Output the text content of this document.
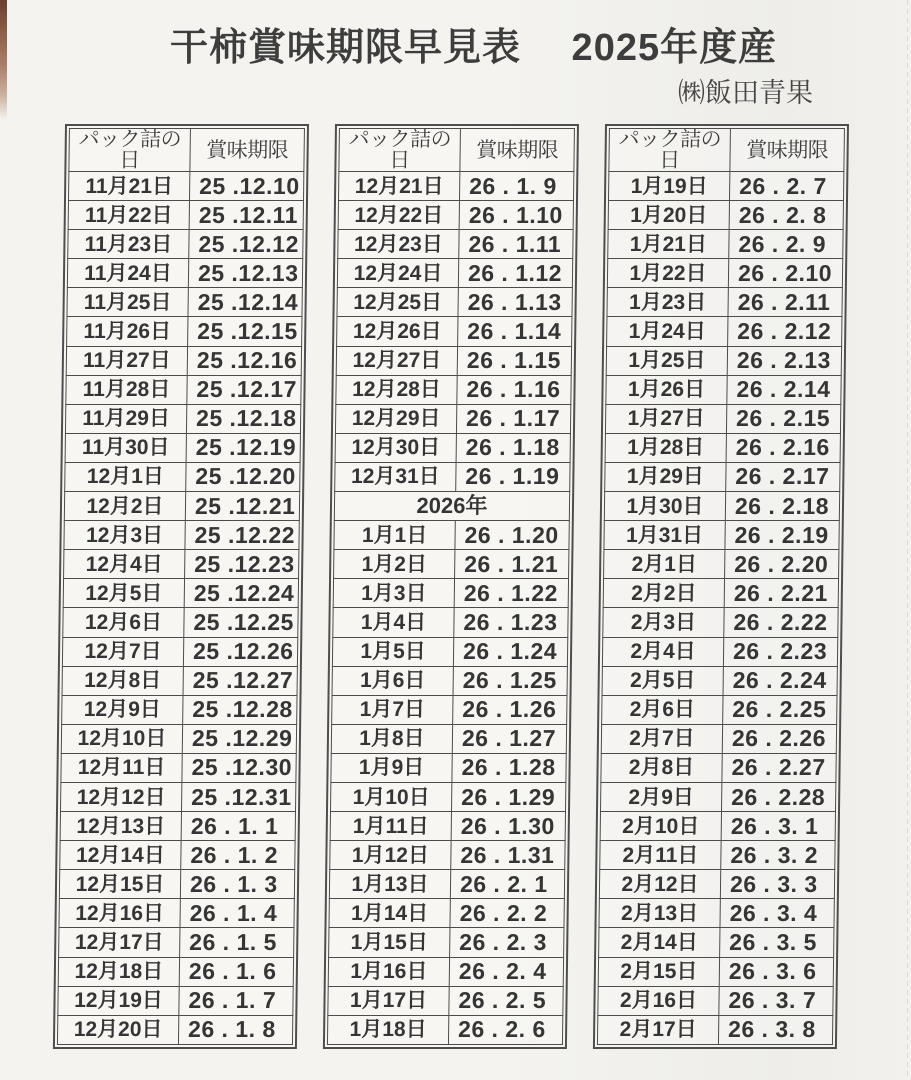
干柿賞味期限早見表　 2025年度産
㈱飯田青果
パック詰の日	賞味期限
11月21日	25 .12.10
11月22日	25 .12.11
11月23日	25 .12.12
11月24日	25 .12.13
11月25日	25 .12.14
11月26日	25 .12.15
11月27日	25 .12.16
11月28日	25 .12.17
11月29日	25 .12.18
11月30日	25 .12.19
12月1日	25 .12.20
12月2日	25 .12.21
12月3日	25 .12.22
12月4日	25 .12.23
12月5日	25 .12.24
12月6日	25 .12.25
12月7日	25 .12.26
12月8日	25 .12.27
12月9日	25 .12.28
12月10日	25 .12.29
12月11日	25 .12.30
12月12日	25 .12.31
12月13日	26 . 1. 1
12月14日	26 . 1. 2
12月15日	26 . 1. 3
12月16日	26 . 1. 4
12月17日	26 . 1. 5
12月18日	26 . 1. 6
12月19日	26 . 1. 7
12月20日	26 . 1. 8
パック詰の日	賞味期限
12月21日	26 . 1. 9
12月22日	26 . 1.10
12月23日	26 . 1.11
12月24日	26 . 1.12
12月25日	26 . 1.13
12月26日	26 . 1.14
12月27日	26 . 1.15
12月28日	26 . 1.16
12月29日	26 . 1.17
12月30日	26 . 1.18
12月31日	26 . 1.19
2026年	
1月1日	26 . 1.20
1月2日	26 . 1.21
1月3日	26 . 1.22
1月4日	26 . 1.23
1月5日	26 . 1.24
1月6日	26 . 1.25
1月7日	26 . 1.26
1月8日	26 . 1.27
1月9日	26 . 1.28
1月10日	26 . 1.29
1月11日	26 . 1.30
1月12日	26 . 1.31
1月13日	26 . 2. 1
1月14日	26 . 2. 2
1月15日	26 . 2. 3
1月16日	26 . 2. 4
1月17日	26 . 2. 5
1月18日	26 . 2. 6
パック詰の日	賞味期限
1月19日	26 . 2. 7
1月20日	26 . 2. 8
1月21日	26 . 2. 9
1月22日	26 . 2.10
1月23日	26 . 2.11
1月24日	26 . 2.12
1月25日	26 . 2.13
1月26日	26 . 2.14
1月27日	26 . 2.15
1月28日	26 . 2.16
1月29日	26 . 2.17
1月30日	26 . 2.18
1月31日	26 . 2.19
2月1日	26 . 2.20
2月2日	26 . 2.21
2月3日	26 . 2.22
2月4日	26 . 2.23
2月5日	26 . 2.24
2月6日	26 . 2.25
2月7日	26 . 2.26
2月8日	26 . 2.27
2月9日	26 . 2.28
2月10日	26 . 3. 1
2月11日	26 . 3. 2
2月12日	26 . 3. 3
2月13日	26 . 3. 4
2月14日	26 . 3. 5
2月15日	26 . 3. 6
2月16日	26 . 3. 7
2月17日	26 . 3. 8
